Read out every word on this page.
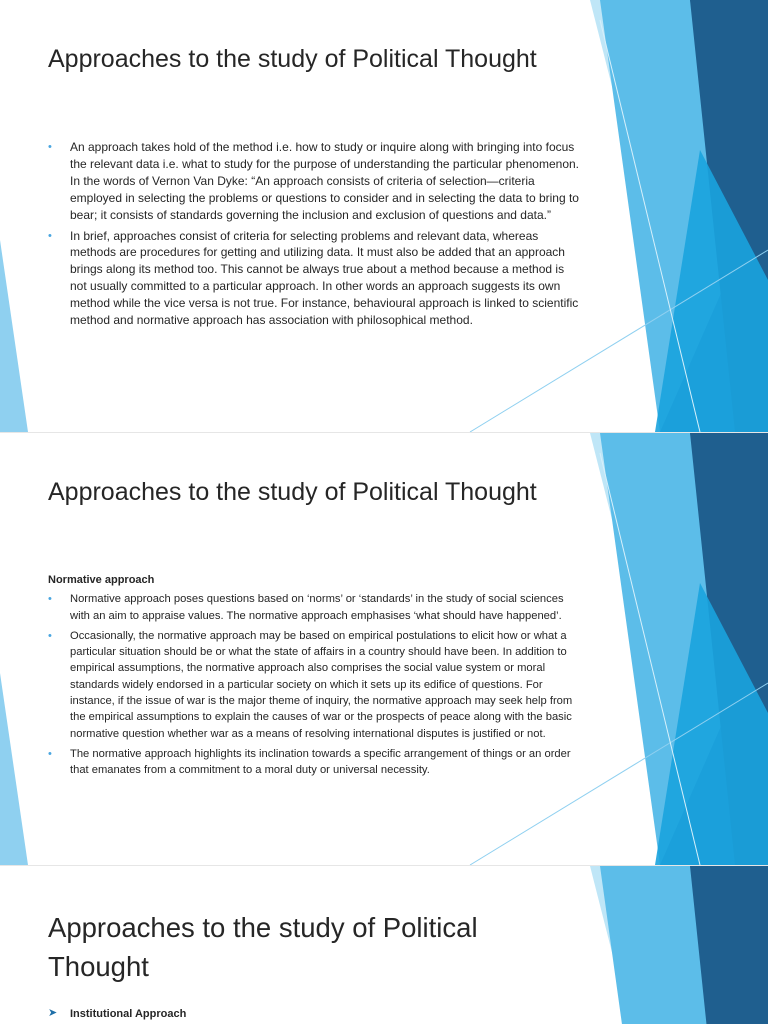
Approaches to the study of Political Thought
• An approach takes hold of the method i.e. how to study or inquire along with bringing into focus the relevant data i.e. what to study for the purpose of understanding the particular phenomenon. In the words of Vernon Van Dyke: “An approach consists of criteria of selection—criteria employed in selecting the problems or questions to consider and in selecting the data to bring to bear; it consists of standards governing the inclusion and exclusion of questions and data.”
• In brief, approaches consist of criteria for selecting problems and relevant data, whereas methods are procedures for getting and utilizing data. It must also be added that an approach brings along its method too. This cannot be always true about a method because a method is not usually committed to a particular approach. In other words an approach suggests its own method while the vice versa is not true. For instance, behavioural approach is linked to scientific method and normative approach has association with philosophical method.
Approaches to the study of Political Thought
Normative approach
• Normative approach poses questions based on ‘norms’ or ‘standards’ in the study of social sciences with an aim to appraise values. The normative approach emphasises ‘what should have happened’.
• Occasionally, the normative approach may be based on empirical postulations to elicit how or what a particular situation should be or what the state of affairs in a country should have been. In addition to empirical assumptions, the normative approach also comprises the social value system or moral standards widely endorsed in a particular society on which it sets up its edifice of questions. For instance, if the issue of war is the major theme of inquiry, the normative approach may seek help from the empirical assumptions to explain the causes of war or the prospects of peace along with the basic normative question whether war as a means of resolving international disputes is justified or not.
• The normative approach highlights its inclination towards a specific arrangement of things or an order that emanates from a commitment to a moral duty or universal necessity.
Approaches to the study of Political Thought
➤ Institutional Approach
